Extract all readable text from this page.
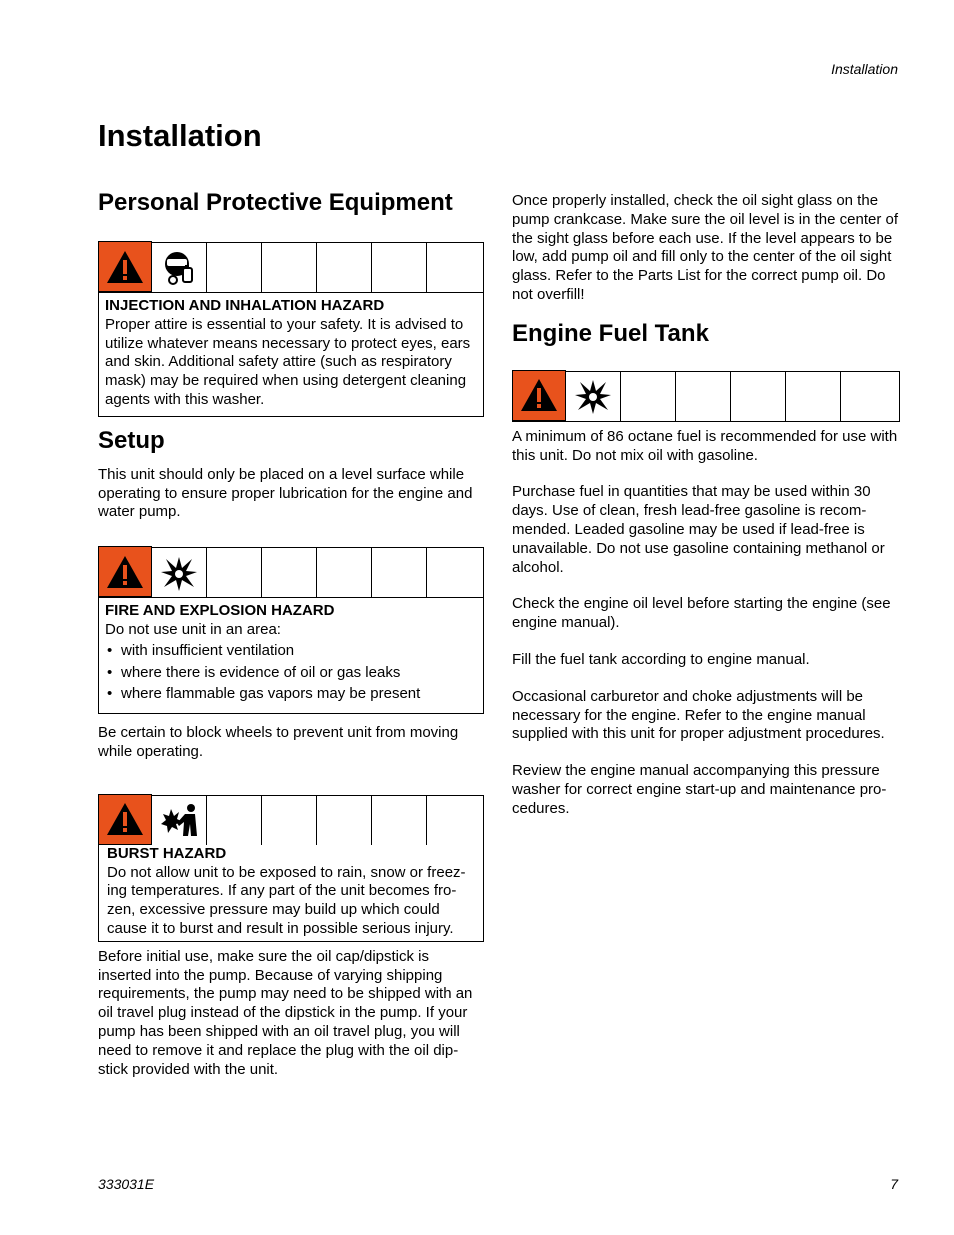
Installation
Installation
Personal Protective Equipment
INJECTION AND INHALATION HAZARD

Proper attire is essential to your safety. It is advised to utilize whatever means necessary to protect eyes, ears and skin. Additional safety attire (such as respiratory mask) may be required when using detergent cleaning agents with this washer.

Setup

This unit should only be placed on a level surface while operating to ensure proper lubrication for the engine and water pump.

FIRE AND EXPLOSION HAZARD

Do not use unit in an area:

• with insufficient ventilation
• where there is evidence of oil or gas leaks
• where flammable gas vapors may be present

Be certain to block wheels to prevent unit from moving while operating.

BURST HAZARD

Do not allow unit to be exposed to rain, snow or freez-ing temperatures. If any part of the unit becomes fro-zen, excessive pressure may build up which could cause it to burst and result in possible serious injury.

Before initial use, make sure the oil cap/dipstick is inserted into the pump. Because of varying shipping requirements, the pump may need to be shipped with an oil travel plug instead of the dipstick in the pump. If your pump has been shipped with an oil travel plug, you will need to remove it and replace the plug with the oil dip-stick provided with the unit.

Once properly installed, check the oil sight glass on the pump crankcase. Make sure the oil level is in the center of the sight glass before each use. If the level appears to be low, add pump oil and fill only to the center of the oil sight glass. Refer to the Parts List for the correct pump oil. Do not overfill!

Engine Fuel Tank

A minimum of 86 octane fuel is recommended for use with this unit. Do not mix oil with gasoline.

Purchase fuel in quantities that may be used within 30 days. Use of clean, fresh lead-free gasoline is recom-mended. Leaded gasoline may be used if lead-free is unavailable. Do not use gasoline containing methanol or alcohol.

Check the engine oil level before starting the engine (see engine manual).

Fill the fuel tank according to engine manual.

Occasional carburetor and choke adjustments will be necessary for the engine. Refer to the engine manual supplied with this unit for proper adjustment procedures.

Review the engine manual accompanying this pressure washer for correct engine start-up and maintenance pro-cedures.

333031E	7
